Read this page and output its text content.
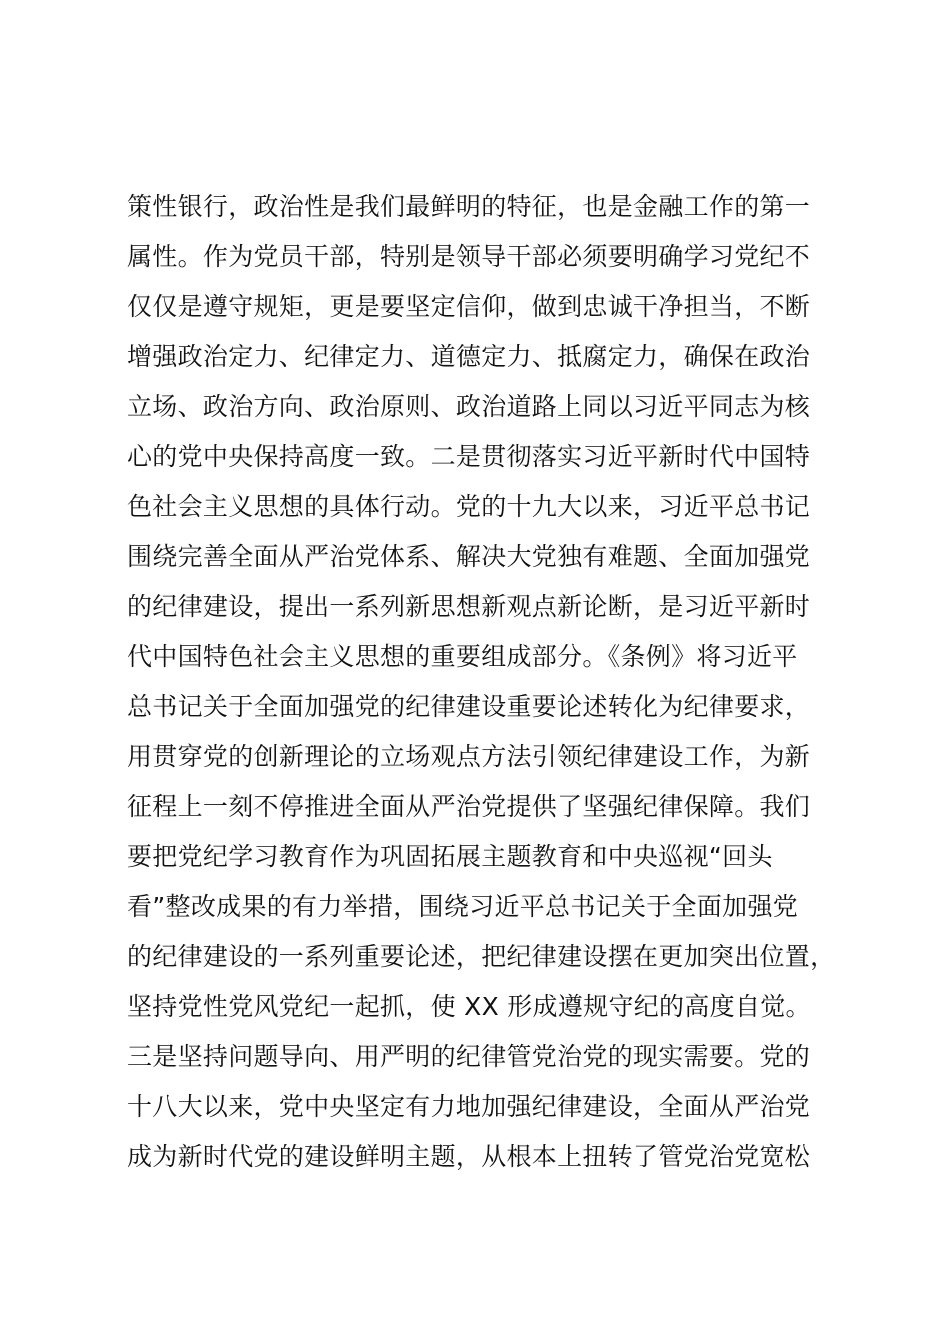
策性银行，政治性是我们最鲜明的特征，也是金融工作的第一
属性。作为党员干部，特别是领导干部必须要明确学习党纪不
仅仅是遵守规矩，更是要坚定信仰，做到忠诚干净担当，不断
增强政治定力、纪律定力、道德定力、抵腐定力，确保在政治
立场、政治方向、政治原则、政治道路上同以习近平同志为核
心的党中央保持高度一致。二是贯彻落实习近平新时代中国特
色社会主义思想的具体行动。党的十九大以来，习近平总书记
围绕完善全面从严治党体系、解决大党独有难题、全面加强党
的纪律建设，提出一系列新思想新观点新论断，是习近平新时
代中国特色社会主义思想的重要组成部分。《条例》将习近平
总书记关于全面加强党的纪律建设重要论述转化为纪律要求，
用贯穿党的创新理论的立场观点方法引领纪律建设工作，为新
征程上一刻不停推进全面从严治党提供了坚强纪律保障。我们
要把党纪学习教育作为巩固拓展主题教育和中央巡视“回头
看”整改成果的有力举措，围绕习近平总书记关于全面加强党
的纪律建设的一系列重要论述，把纪律建设摆在更加突出位置，
坚持党性党风党纪一起抓，使 XX 形成遵规守纪的高度自觉。
三是坚持问题导向、用严明的纪律管党治党的现实需要。党的
十八大以来，党中央坚定有力地加强纪律建设，全面从严治党
成为新时代党的建设鲜明主题，从根本上扭转了管党治党宽松
